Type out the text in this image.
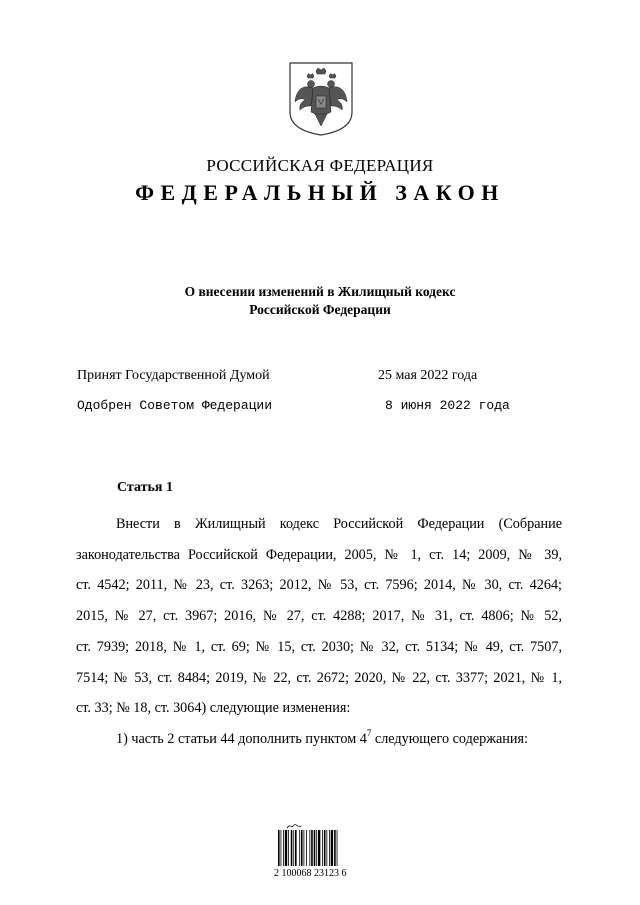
РОССИЙСКАЯ ФЕДЕРАЦИЯ
ФЕДЕРАЛЬНЫЙ ЗАКОН
О внесении изменений в Жилищный кодекс
Российской Федерации
Принят Государственной Думой	25 мая 2022 года
Одобрен Советом Федерации	8 июня 2022 года
Статья 1
Внести в Жилищный кодекс Российской Федерации (Собрание
законодательства Российской Федерации, 2005, № 1, ст. 14; 2009, № 39,
ст. 4542; 2011, № 23, ст. 3263; 2012, № 53, ст. 7596; 2014, № 30, ст. 4264;
2015, № 27, ст. 3967; 2016, № 27, ст. 4288; 2017, № 31, ст. 4806; № 52,
ст. 7939; 2018, № 1, ст. 69; № 15, ст. 2030; № 32, ст. 5134; № 49, ст. 7507,
7514; № 53, ст. 8484; 2019, № 22, ст. 2672; 2020, № 22, ст. 3377; 2021, № 1,
ст. 33; № 18, ст. 3064) следующие изменения:
1) часть 2 статьи 44 дополнить пунктом $4^7$ следующего содержания:
2 100068 23123 6
